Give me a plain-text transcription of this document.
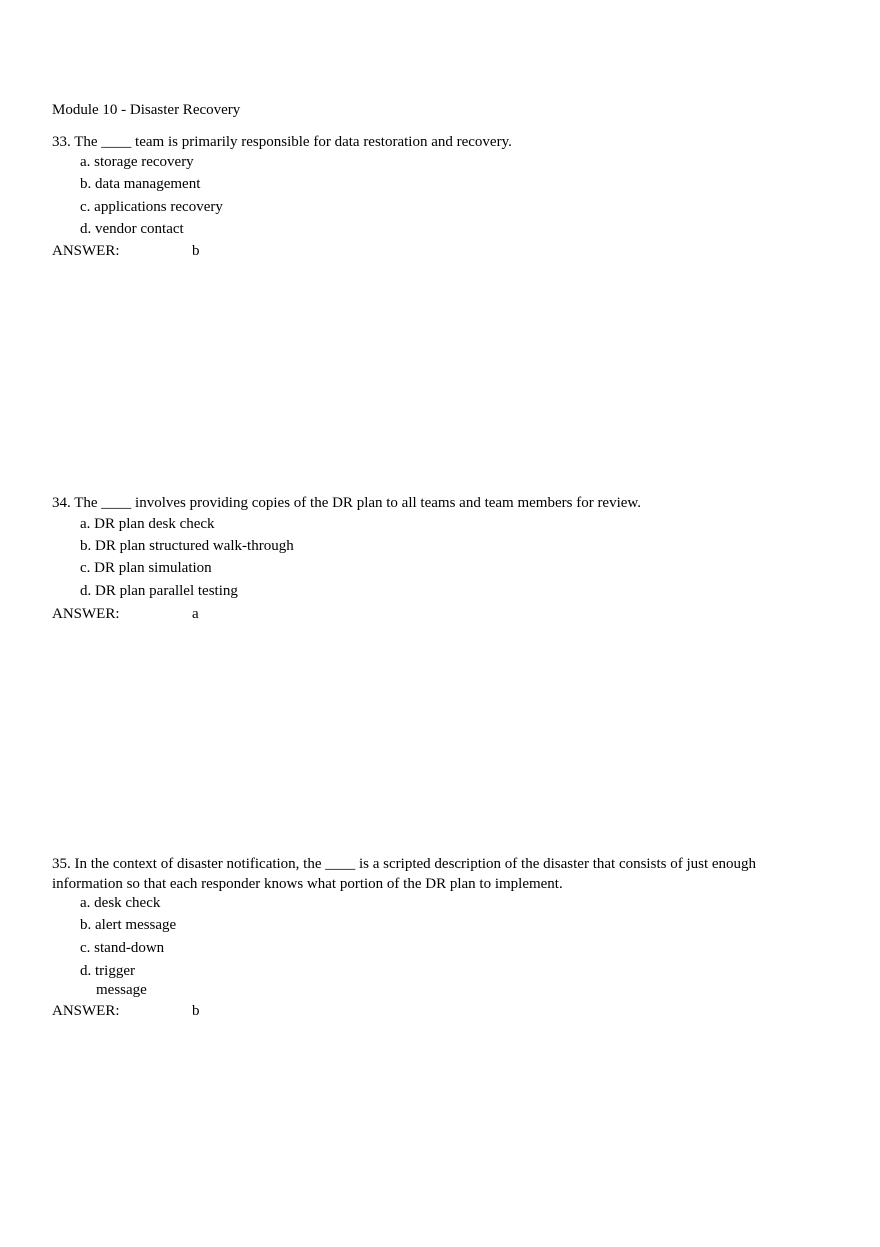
Module 10 - Disaster Recovery
33. The ____ team is primarily responsible for data restoration and recovery.
a. storage recovery
b. data management
c. applications recovery
d. vendor contact
ANSWER:	b
34. The ____ involves providing copies of the DR plan to all teams and team members for review.
a. DR plan desk check
b. DR plan structured walk-through
c. DR plan simulation
d. DR plan parallel testing
ANSWER:	a
35. In the context of disaster notification, the ____ is a scripted description of the disaster that consists of just enough
information so that each responder knows what portion of the DR plan to implement.
a. desk check
b. alert message
c. stand-down
d. trigger
message
ANSWER:	b
